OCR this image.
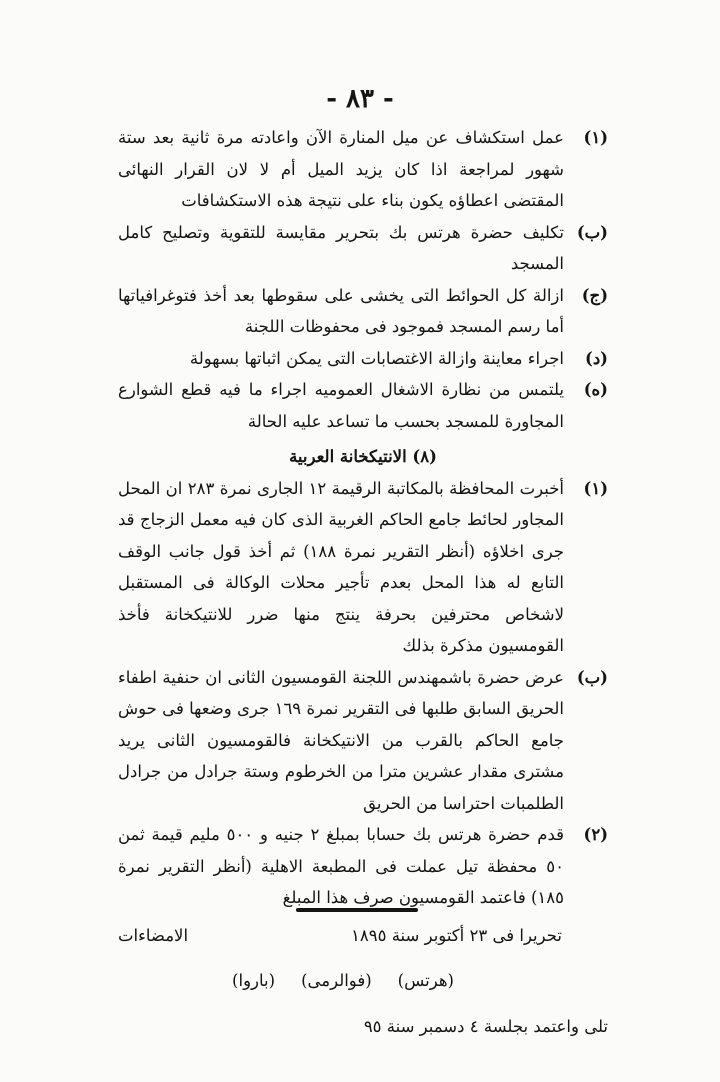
- ٨٣ -
(١)
عمل استكشاف عن ميل المنارة الآن واعادته مرة ثانية بعد ستة شهور لمراجعة اذا كان يزيد الميل أم لا لان القرار النهائى المقتضى اعطاؤه يكون بناء على نتيجة هذه الاستكشافات
(ب)
تكليف حضرة هرتس بك بتحرير مقايسة للتقوية وتصليح كامل المسجد
(ج)
ازالة كل الحوائط التى يخشى على سقوطها بعد أخذ فتوغرافياتها أما رسم المسجد فموجود فى محفوظات اللجنة
(د)
اجراء معاينة وازالة الاغتصابات التى يمكن اثباتها بسهولة
(ه)
يلتمس من نظارة الاشغال العموميه اجراء ما فيه قطع الشوارع المجاورة للمسجد بحسب ما تساعد عليه الحالة
(٨) الانتيكخانة العربية
(١)
أخبرت المحافظة بالمكاتبة الرقيمة ١٢ الجارى نمرة ٢٨٣ ان المحل المجاور لحائط جامع الحاكم الغربية الذى كان فيه معمل الزجاج قد جرى اخلاؤه (أنظر التقرير نمرة ١٨٨) ثم أخذ قول جانب الوقف التابع له هذا المحل بعدم تأجير محلات الوكالة فى المستقبل لاشخاص محترفين بحرفة ينتج منها ضرر للانتيكخانة فأخذ القومسيون مذكرة بذلك
(ب)
عرض حضرة باشمهندس اللجنة القومسيون الثانى ان حنفية اطفاء الحريق السابق طلبها فى التقرير نمرة ١٦٩ جرى وضعها فى حوش جامع الحاكم بالقرب من الانتيكخانة فالقومسيون الثانى يريد مشترى مقدار عشرين مترا من الخرطوم وستة جرادل من جرادل الطلمبات احتراسا من الحريق
(٢)
قدم حضرة هرتس بك حسابا بمبلغ ٢ جنيه و ٥٠٠ مليم قيمة ثمن ٥٠ محفظة تيل عملت فى المطبعة الاهلية (أنظر التقرير نمرة ١٨٥) فاعتمد القومسيون صرف هذا المبلغ
تحريرا فى ٢٣ أكتوبر سنة ١٨٩٥
الامضاءات
(هرتس)
(فوالرمى)
(باروا)
تلى واعتمد بجلسة ٤ دسمبر سنة ٩٥
